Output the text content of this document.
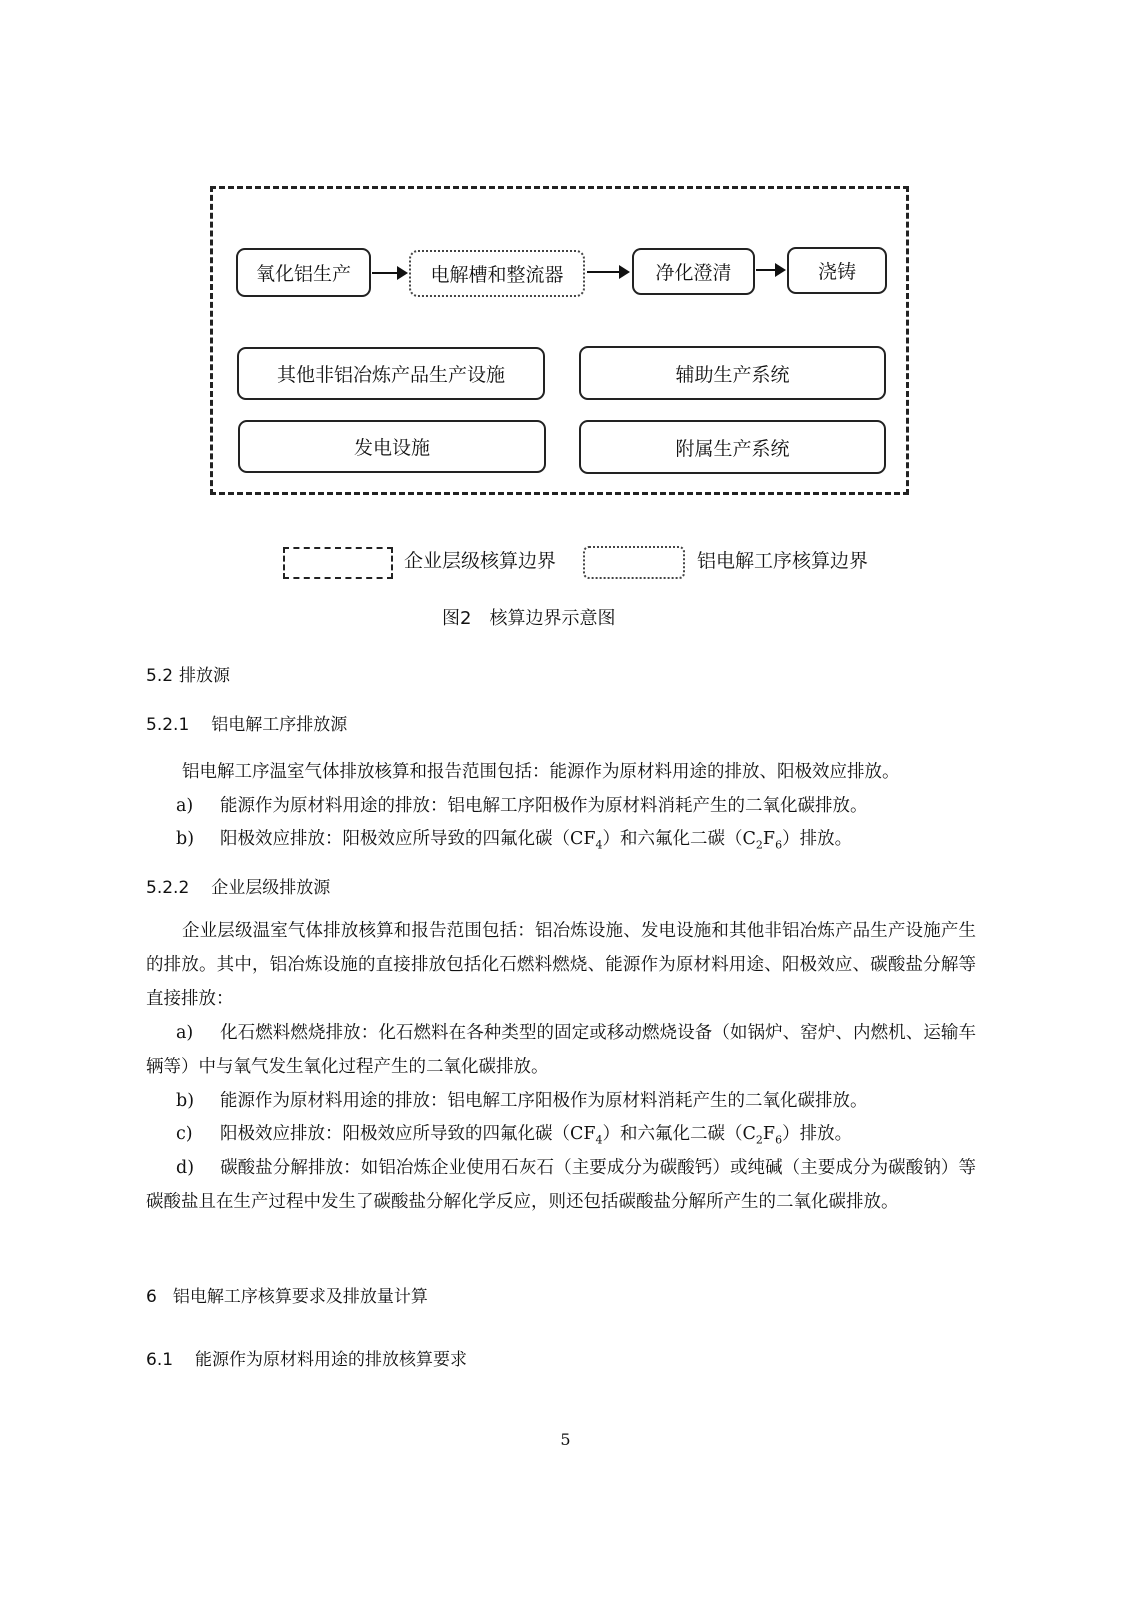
氧化铝生产	电解槽和整流器	净化澄清	浇铸
其他非铝冶炼产品生产设施	辅助生产系统
发电设施	附属生产系统
企业层级核算边界	铝电解工序核算边界
图2　核算边界示意图
5.2 排放源
5.2.1 铝电解工序排放源
铝电解工序温室气体排放核算和报告范围包括：能源作为原材料用途的排放、阳极效应排放。
a) 能源作为原材料用途的排放：铝电解工序阳极作为原材料消耗产生的二氧化碳排放。
b) 阳极效应排放：阳极效应所导致的四氟化碳$(CF_4)$和六氟化二碳$(C_2F_6)$排放。
5.2.2 企业层级排放源
企业层级温室气体排放核算和报告范围包括：铝冶炼设施、发电设施和其他非铝冶炼产品生产设施产生的排放。其中，铝冶炼设施的直接排放包括化石燃料燃烧、能源作为原材料用途、阳极效应、碳酸盐分解等直接排放：
a) 化石燃料燃烧排放：化石燃料在各种类型的固定或移动燃烧设备（如锅炉、窑炉、内燃机、运输车辆等）中与氧气发生氧化过程产生的二氧化碳排放。
b) 能源作为原材料用途的排放：铝电解工序阳极作为原材料消耗产生的二氧化碳排放。
c) 阳极效应排放：阳极效应所导致的四氟化碳$(CF_4)$和六氟化二碳$(C_2F_6)$排放。
d) 碳酸盐分解排放：如铝冶炼企业使用石灰石（主要成分为碳酸钙）或纯碱（主要成分为碳酸钠）等碳酸盐且在生产过程中发生了碳酸盐分解化学反应，则还包括碳酸盐分解所产生的二氧化碳排放。
6 铝电解工序核算要求及排放量计算
6.1 能源作为原材料用途的排放核算要求
5
